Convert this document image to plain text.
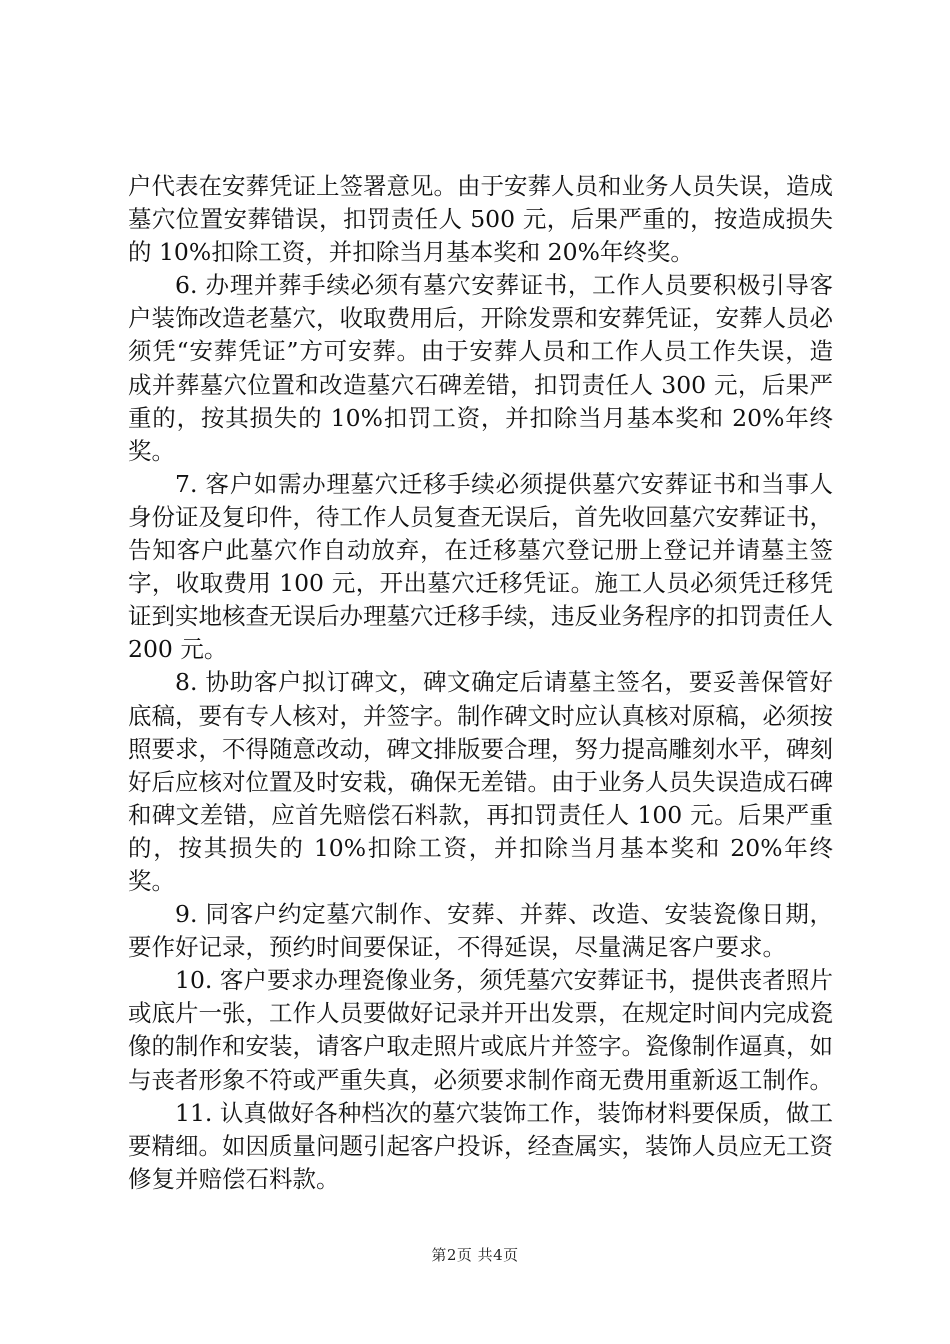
户代表在安葬凭证上签署意见。由于安葬人员和业务人员失误，造成墓穴位置安葬错误，扣罚责任人 500 元，后果严重的，按造成损失的 10%扣除工资，并扣除当月基本奖和 20%年终奖。

6. 办理并葬手续必须有墓穴安葬证书，工作人员要积极引导客户装饰改造老墓穴，收取费用后，开除发票和安葬凭证，安葬人员必须凭“安葬凭证”方可安葬。由于安葬人员和工作人员工作失误，造成并葬墓穴位置和改造墓穴石碑差错，扣罚责任人 300 元，后果严重的，按其损失的 10%扣罚工资，并扣除当月基本奖和 20%年终奖。

7. 客户如需办理墓穴迁移手续必须提供墓穴安葬证书和当事人身份证及复印件，待工作人员复查无误后，首先收回墓穴安葬证书，告知客户此墓穴作自动放弃，在迁移墓穴登记册上登记并请墓主签字，收取费用 100 元，开出墓穴迁移凭证。施工人员必须凭迁移凭证到实地核查无误后办理墓穴迁移手续，违反业务程序的扣罚责任人 200 元。

8. 协助客户拟订碑文，碑文确定后请墓主签名，要妥善保管好底稿，要有专人核对，并签字。制作碑文时应认真核对原稿，必须按照要求，不得随意改动，碑文排版要合理，努力提高雕刻水平，碑刻好后应核对位置及时安栽，确保无差错。由于业务人员失误造成石碑和碑文差错，应首先赔偿石料款，再扣罚责任人 100 元。后果严重的，按其损失的 10%扣除工资，并扣除当月基本奖和 20%年终奖。

9. 同客户约定墓穴制作、安葬、并葬、改造、安装瓷像日期，要作好记录，预约时间要保证，不得延误，尽量满足客户要求。

10. 客户要求办理瓷像业务，须凭墓穴安葬证书，提供丧者照片或底片一张，工作人员要做好记录并开出发票，在规定时间内完成瓷像的制作和安装，请客户取走照片或底片并签字。瓷像制作逼真，如与丧者形象不符或严重失真，必须要求制作商无费用重新返工制作。

11. 认真做好各种档次的墓穴装饰工作，装饰材料要保质，做工要精细。如因质量问题引起客户投诉，经查属实，装饰人员应无工资修复并赔偿石料款。

第2页 共4页
